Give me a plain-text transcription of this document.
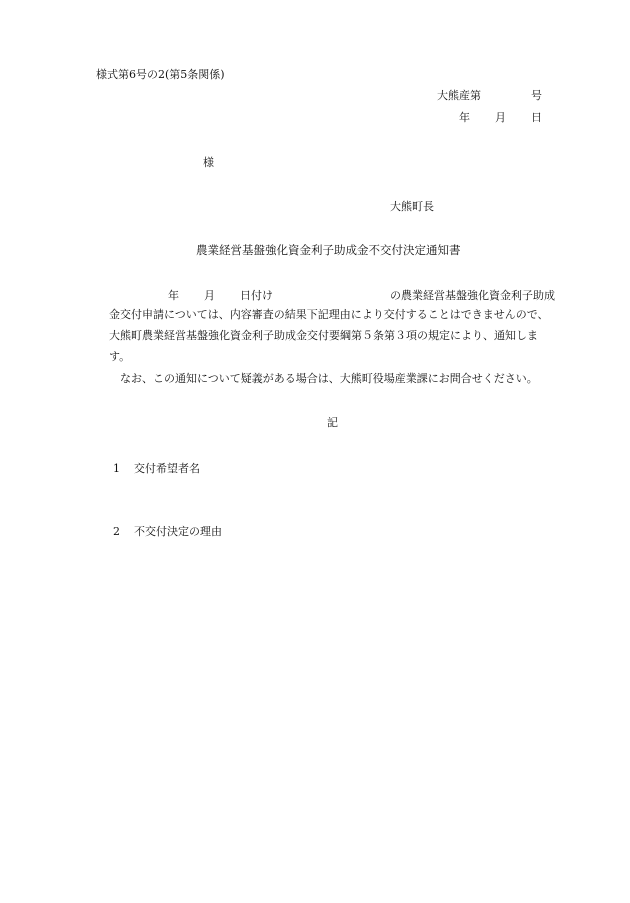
様式第6号の2(第5条関係)
大熊産第	号
年 月 日
様
大熊町長
農業経営基盤強化資金利子助成金不交付決定通知書
年 月 日付け	の農業経営基盤強化資金利子助成
金交付申請については、内容審査の結果下記理由により交付することはできませんので、
大熊町農業経営基盤強化資金利子助成金交付要綱第５条第３項の規定により、通知しま
す。
なお、この通知について疑義がある場合は、大熊町役場産業課にお問合せください。
記
1 交付希望者名
2 不交付決定の理由
